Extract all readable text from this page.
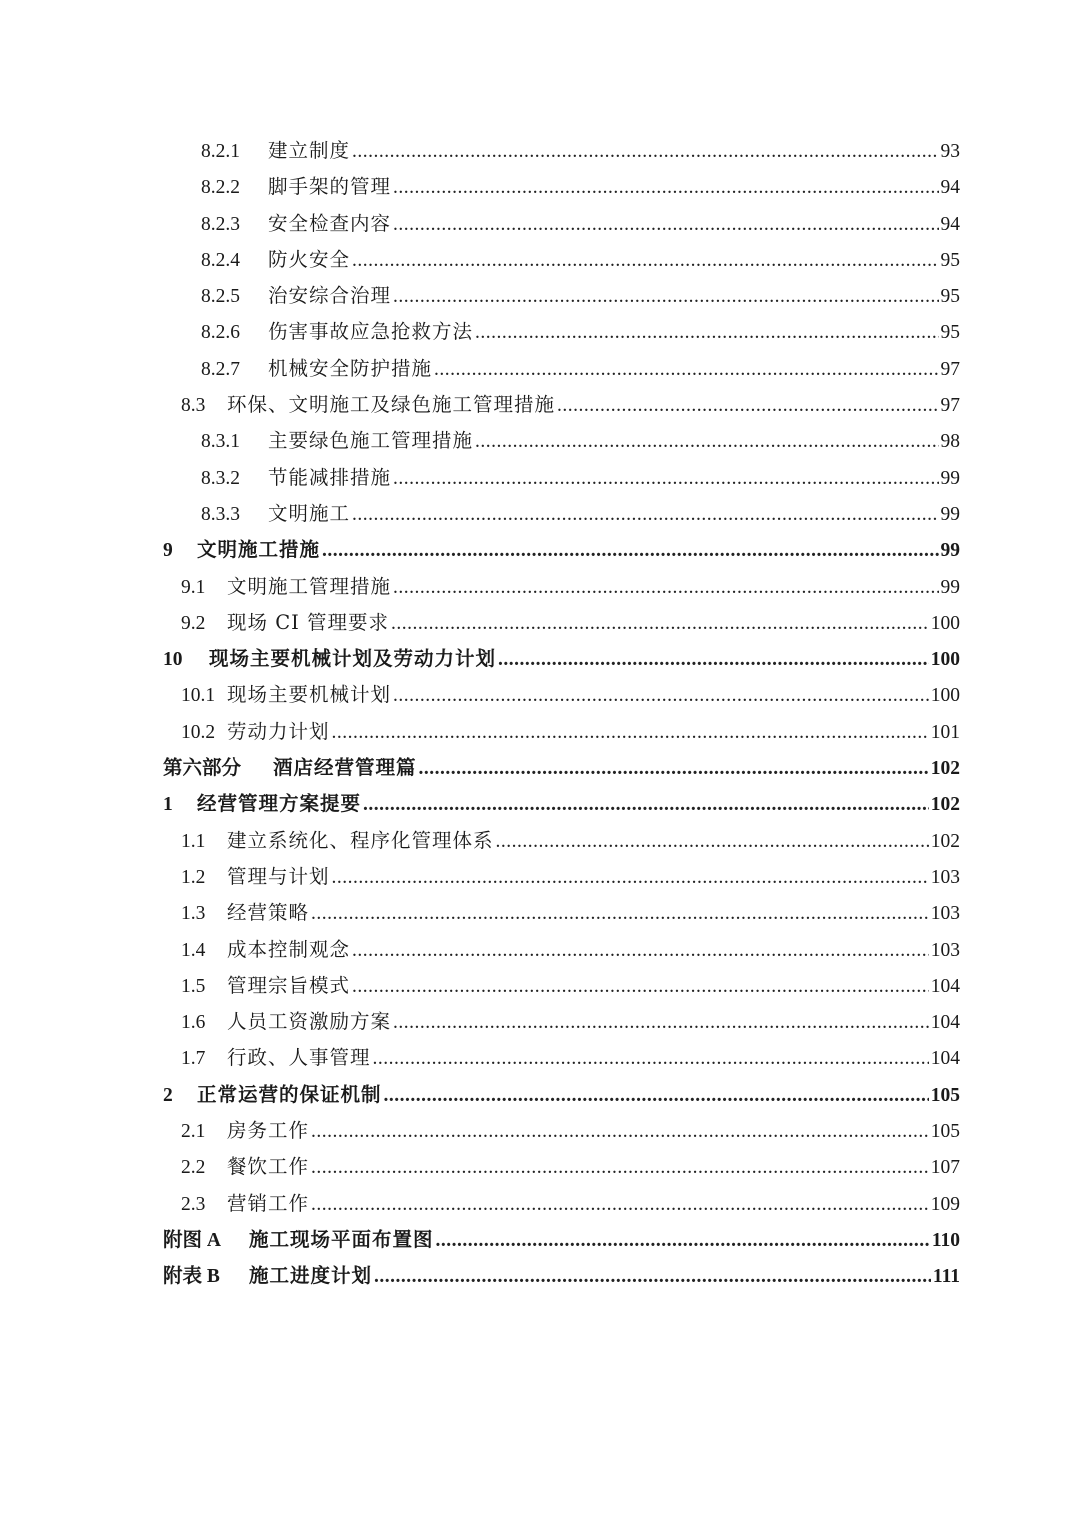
8.2.1	建立制度 .....	93
8.2.2	脚手架的管理 .....	94
8.2.3	安全检查内容 .....	94
8.2.4	防火安全 .....	95
8.2.5	治安综合治理 .....	95
8.2.6	伤害事故应急抢救方法 .....	95
8.2.7	机械安全防护措施 .....	97
8.3	环保、文明施工及绿色施工管理措施 .....	97
8.3.1	主要绿色施工管理措施 .....	98
8.3.2	节能减排措施 .....	99
8.3.3	文明施工 .....	99
9	文明施工措施 .....	99
9.1	文明施工管理措施 .....	99
9.2	现场 CI 管理要求 .....	100
10	现场主要机械计划及劳动力计划 .....	100
10.1 现场主要机械计划 .....	100
10.2 劳动力计划 .....	101
第六部分	酒店经营管理篇 .....	102
1	经营管理方案提要 .....	102
1.1	建立系统化、程序化管理体系 .....	102
1.2	管理与计划 .....	103
1.3	经营策略 .....	103
1.4	成本控制观念 .....	103
1.5	管理宗旨模式 .....	104
1.6	人员工资激励方案 .....	104
1.7	行政、人事管理 .....	104
2	正常运营的保证机制 .....	105
2.1	房务工作 .....	105
2.2	餐饮工作 .....	107
2.3	营销工作 .....	109
附图 A	施工现场平面布置图 .....	110
附表 B	施工进度计划 .....	111
